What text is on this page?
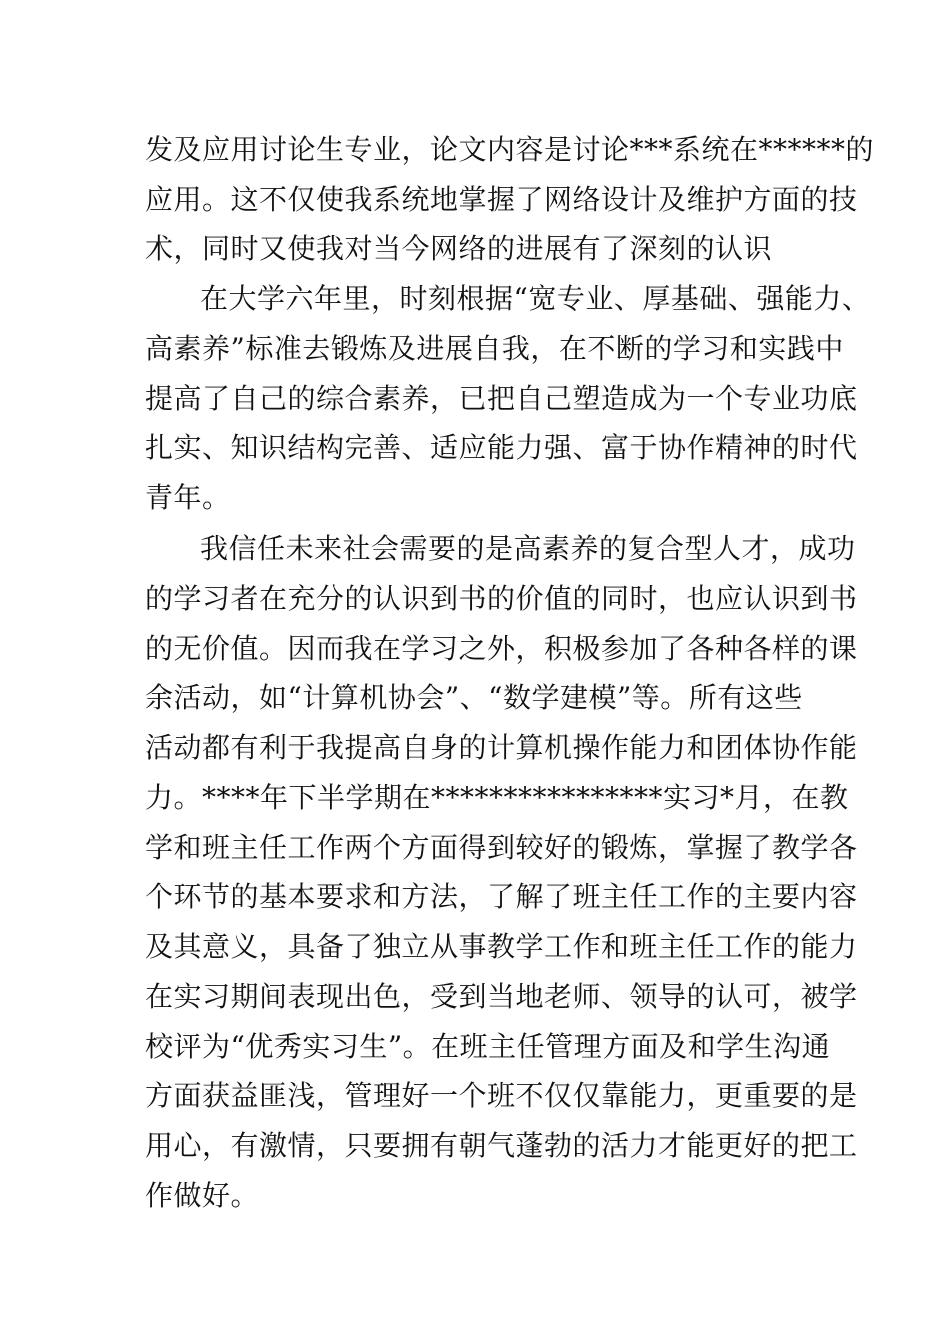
发及应用讨论生专业，论文内容是讨论***系统在******的
应用。这不仅使我系统地掌握了网络设计及维护方面的技
术，同时又使我对当今网络的进展有了深刻的认识
在大学六年里，时刻根据“宽专业、厚基础、强能力、
高素养”标准去锻炼及进展自我，在不断的学习和实践中
提高了自己的综合素养，已把自己塑造成为一个专业功底
扎实、知识结构完善、适应能力强、富于协作精神的时代
青年。
我信任未来社会需要的是高素养的复合型人才，成功
的学习者在充分的认识到书的价值的同时，也应认识到书
的无价值。因而我在学习之外，积极参加了各种各样的课
余活动，如“计算机协会”、“数学建模”等。所有这些
活动都有利于我提高自身的计算机操作能力和团体协作能
力。****年下半学期在****************实习*月，在教
学和班主任工作两个方面得到较好的锻炼，掌握了教学各
个环节的基本要求和方法，了解了班主任工作的主要内容
及其意义，具备了独立从事教学工作和班主任工作的能力
在实习期间表现出色，受到当地老师、领导的认可，被学
校评为“优秀实习生”。在班主任管理方面及和学生沟通
方面获益匪浅，管理好一个班不仅仅靠能力，更重要的是
用心，有激情，只要拥有朝气蓬勃的活力才能更好的把工
作做好。
